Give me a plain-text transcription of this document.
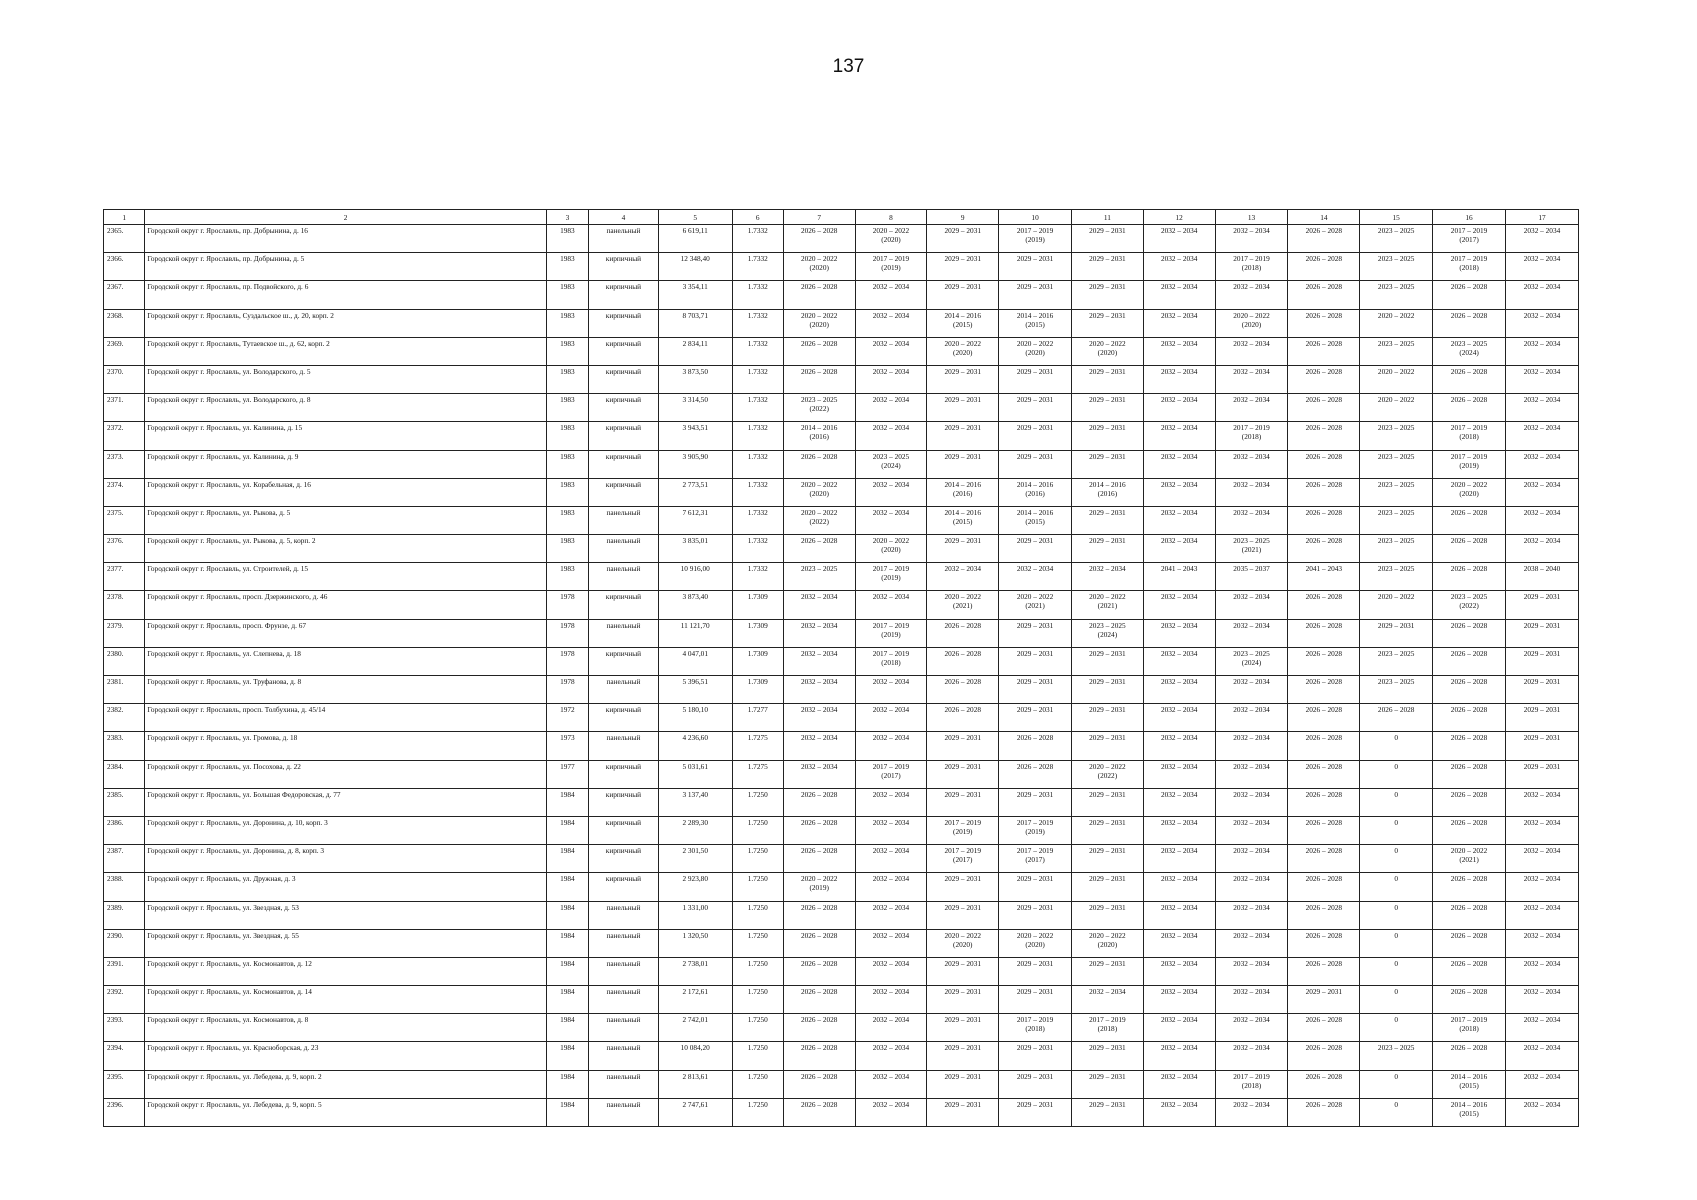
137
1	2	3	4	5	6	7	8	9	10	11	12	13	14	15	16	17
2365.	Городской округ г. Ярославль, пр. Добрынина, д. 16	1983	панельный	6 619,11	1.7332	2026 – 2028	2020 – 2022
(2020)	2029 – 2031	2017 – 2019
(2019)	2029 – 2031	2032 – 2034	2032 – 2034	2026 – 2028	2023 – 2025	2017 – 2019
(2017)	2032 – 2034
2366.	Городской округ г. Ярославль, пр. Добрынина, д. 5	1983	кирпичный	12 348,40	1.7332	2020 – 2022
(2020)	2017 – 2019
(2019)	2029 – 2031	2029 – 2031	2029 – 2031	2032 – 2034	2017 – 2019
(2018)	2026 – 2028	2023 – 2025	2017 – 2019
(2018)	2032 – 2034
2367.	Городской округ г. Ярославль, пр. Подвойского, д. 6	1983	кирпичный	3 354,11	1.7332	2026 – 2028	2032 – 2034	2029 – 2031	2029 – 2031	2029 – 2031	2032 – 2034	2032 – 2034	2026 – 2028	2023 – 2025	2026 – 2028	2032 – 2034
2368.	Городской округ г. Ярославль, Суздальское ш., д. 20, корп. 2	1983	кирпичный	8 703,71	1.7332	2020 – 2022
(2020)	2032 – 2034	2014 – 2016
(2015)	2014 – 2016
(2015)	2029 – 2031	2032 – 2034	2020 – 2022
(2020)	2026 – 2028	2020 – 2022	2026 – 2028	2032 – 2034
2369.	Городской округ г. Ярославль, Тутаевское ш., д. 62, корп. 2	1983	кирпичный	2 834,11	1.7332	2026 – 2028	2032 – 2034	2020 – 2022
(2020)	2020 – 2022
(2020)	2020 – 2022
(2020)	2032 – 2034	2032 – 2034	2026 – 2028	2023 – 2025	2023 – 2025
(2024)	2032 – 2034
2370.	Городской округ г. Ярославль, ул. Володарского, д. 5	1983	кирпичный	3 873,50	1.7332	2026 – 2028	2032 – 2034	2029 – 2031	2029 – 2031	2029 – 2031	2032 – 2034	2032 – 2034	2026 – 2028	2020 – 2022	2026 – 2028	2032 – 2034
2371.	Городской округ г. Ярославль, ул. Володарского, д. 8	1983	кирпичный	3 314,50	1.7332	2023 – 2025
(2022)	2032 – 2034	2029 – 2031	2029 – 2031	2029 – 2031	2032 – 2034	2032 – 2034	2026 – 2028	2020 – 2022	2026 – 2028	2032 – 2034
2372.	Городской округ г. Ярославль, ул. Калинина, д. 15	1983	кирпичный	3 943,51	1.7332	2014 – 2016
(2016)	2032 – 2034	2029 – 2031	2029 – 2031	2029 – 2031	2032 – 2034	2017 – 2019
(2018)	2026 – 2028	2023 – 2025	2017 – 2019
(2018)	2032 – 2034
2373.	Городской округ г. Ярославль, ул. Калинина, д. 9	1983	кирпичный	3 905,90	1.7332	2026 – 2028	2023 – 2025
(2024)	2029 – 2031	2029 – 2031	2029 – 2031	2032 – 2034	2032 – 2034	2026 – 2028	2023 – 2025	2017 – 2019
(2019)	2032 – 2034
2374.	Городской округ г. Ярославль, ул. Корабельная, д. 16	1983	кирпичный	2 773,51	1.7332	2020 – 2022
(2020)	2032 – 2034	2014 – 2016
(2016)	2014 – 2016
(2016)	2014 – 2016
(2016)	2032 – 2034	2032 – 2034	2026 – 2028	2023 – 2025	2020 – 2022
(2020)	2032 – 2034
2375.	Городской округ г. Ярославль, ул. Рыкова, д. 5	1983	панельный	7 612,31	1.7332	2020 – 2022
(2022)	2032 – 2034	2014 – 2016
(2015)	2014 – 2016
(2015)	2029 – 2031	2032 – 2034	2032 – 2034	2026 – 2028	2023 – 2025	2026 – 2028	2032 – 2034
2376.	Городской округ г. Ярославль, ул. Рыкова, д. 5, корп. 2	1983	панельный	3 835,01	1.7332	2026 – 2028	2020 – 2022
(2020)	2029 – 2031	2029 – 2031	2029 – 2031	2032 – 2034	2023 – 2025
(2021)	2026 – 2028	2023 – 2025	2026 – 2028	2032 – 2034
2377.	Городской округ г. Ярославль, ул. Строителей, д. 15	1983	панельный	10 916,00	1.7332	2023 – 2025	2017 – 2019
(2019)	2032 – 2034	2032 – 2034	2032 – 2034	2041 – 2043	2035 – 2037	2041 – 2043	2023 – 2025	2026 – 2028	2038 – 2040
2378.	Городской округ г. Ярославль, просп. Дзержинского, д. 46	1978	кирпичный	3 873,40	1.7309	2032 – 2034	2032 – 2034	2020 – 2022
(2021)	2020 – 2022
(2021)	2020 – 2022
(2021)	2032 – 2034	2032 – 2034	2026 – 2028	2020 – 2022	2023 – 2025
(2022)	2029 – 2031
2379.	Городской округ г. Ярославль, просп. Фрунзе, д. 67	1978	панельный	11 121,70	1.7309	2032 – 2034	2017 – 2019
(2019)	2026 – 2028	2029 – 2031	2023 – 2025
(2024)	2032 – 2034	2032 – 2034	2026 – 2028	2029 – 2031	2026 – 2028	2029 – 2031
2380.	Городской округ г. Ярославль, ул. Слепнева, д. 18	1978	кирпичный	4 047,01	1.7309	2032 – 2034	2017 – 2019
(2018)	2026 – 2028	2029 – 2031	2029 – 2031	2032 – 2034	2023 – 2025
(2024)	2026 – 2028	2023 – 2025	2026 – 2028	2029 – 2031
2381.	Городской округ г. Ярославль, ул. Труфанова, д. 8	1978	панельный	5 396,51	1.7309	2032 – 2034	2032 – 2034	2026 – 2028	2029 – 2031	2029 – 2031	2032 – 2034	2032 – 2034	2026 – 2028	2023 – 2025	2026 – 2028	2029 – 2031
2382.	Городской округ г. Ярославль, просп. Толбухина, д. 45/14	1972	кирпичный	5 180,10	1.7277	2032 – 2034	2032 – 2034	2026 – 2028	2029 – 2031	2029 – 2031	2032 – 2034	2032 – 2034	2026 – 2028	2026 – 2028	2026 – 2028	2029 – 2031
2383.	Городской округ г. Ярославль, ул. Громова, д. 18	1973	панельный	4 236,60	1.7275	2032 – 2034	2032 – 2034	2029 – 2031	2026 – 2028	2029 – 2031	2032 – 2034	2032 – 2034	2026 – 2028	0	2026 – 2028	2029 – 2031
2384.	Городской округ г. Ярославль, ул. Посохова, д. 22	1977	кирпичный	5 031,61	1.7275	2032 – 2034	2017 – 2019
(2017)	2029 – 2031	2026 – 2028	2020 – 2022
(2022)	2032 – 2034	2032 – 2034	2026 – 2028	0	2026 – 2028	2029 – 2031
2385.	Городской округ г. Ярославль, ул. Большая Федоровская, д. 77	1984	кирпичный	3 137,40	1.7250	2026 – 2028	2032 – 2034	2029 – 2031	2029 – 2031	2029 – 2031	2032 – 2034	2032 – 2034	2026 – 2028	0	2026 – 2028	2032 – 2034
2386.	Городской округ г. Ярославль, ул. Доронина, д. 10, корп. 3	1984	кирпичный	2 289,30	1.7250	2026 – 2028	2032 – 2034	2017 – 2019
(2019)	2017 – 2019
(2019)	2029 – 2031	2032 – 2034	2032 – 2034	2026 – 2028	0	2026 – 2028	2032 – 2034
2387.	Городской округ г. Ярославль, ул. Доронина, д. 8, корп. 3	1984	кирпичный	2 301,50	1.7250	2026 – 2028	2032 – 2034	2017 – 2019
(2017)	2017 – 2019
(2017)	2029 – 2031	2032 – 2034	2032 – 2034	2026 – 2028	0	2020 – 2022
(2021)	2032 – 2034
2388.	Городской округ г. Ярославль, ул. Дружная, д. 3	1984	кирпичный	2 923,80	1.7250	2020 – 2022
(2019)	2032 – 2034	2029 – 2031	2029 – 2031	2029 – 2031	2032 – 2034	2032 – 2034	2026 – 2028	0	2026 – 2028	2032 – 2034
2389.	Городской округ г. Ярославль, ул. Звездная, д. 53	1984	панельный	1 331,00	1.7250	2026 – 2028	2032 – 2034	2029 – 2031	2029 – 2031	2029 – 2031	2032 – 2034	2032 – 2034	2026 – 2028	0	2026 – 2028	2032 – 2034
2390.	Городской округ г. Ярославль, ул. Звездная, д. 55	1984	панельный	1 320,50	1.7250	2026 – 2028	2032 – 2034	2020 – 2022
(2020)	2020 – 2022
(2020)	2020 – 2022
(2020)	2032 – 2034	2032 – 2034	2026 – 2028	0	2026 – 2028	2032 – 2034
2391.	Городской округ г. Ярославль, ул. Космонавтов, д. 12	1984	панельный	2 738,01	1.7250	2026 – 2028	2032 – 2034	2029 – 2031	2029 – 2031	2029 – 2031	2032 – 2034	2032 – 2034	2026 – 2028	0	2026 – 2028	2032 – 2034
2392.	Городской округ г. Ярославль, ул. Космонавтов, д. 14	1984	панельный	2 172,61	1.7250	2026 – 2028	2032 – 2034	2029 – 2031	2029 – 2031	2032 – 2034	2032 – 2034	2032 – 2034	2029 – 2031	0	2026 – 2028	2032 – 2034
2393.	Городской округ г. Ярославль, ул. Космонавтов, д. 8	1984	панельный	2 742,01	1.7250	2026 – 2028	2032 – 2034	2029 – 2031	2017 – 2019
(2018)	2017 – 2019
(2018)	2032 – 2034	2032 – 2034	2026 – 2028	0	2017 – 2019
(2018)	2032 – 2034
2394.	Городской округ г. Ярославль, ул. Красноборская, д. 23	1984	панельный	10 084,20	1.7250	2026 – 2028	2032 – 2034	2029 – 2031	2029 – 2031	2029 – 2031	2032 – 2034	2032 – 2034	2026 – 2028	2023 – 2025	2026 – 2028	2032 – 2034
2395.	Городской округ г. Ярославль, ул. Лебедева, д. 9, корп. 2	1984	панельный	2 813,61	1.7250	2026 – 2028	2032 – 2034	2029 – 2031	2029 – 2031	2029 – 2031	2032 – 2034	2017 – 2019
(2018)	2026 – 2028	0	2014 – 2016
(2015)	2032 – 2034
2396.	Городской округ г. Ярославль, ул. Лебедева, д. 9, корп. 5	1984	панельный	2 747,61	1.7250	2026 – 2028	2032 – 2034	2029 – 2031	2029 – 2031	2029 – 2031	2032 – 2034	2032 – 2034	2026 – 2028	0	2014 – 2016
(2015)	2032 – 2034
